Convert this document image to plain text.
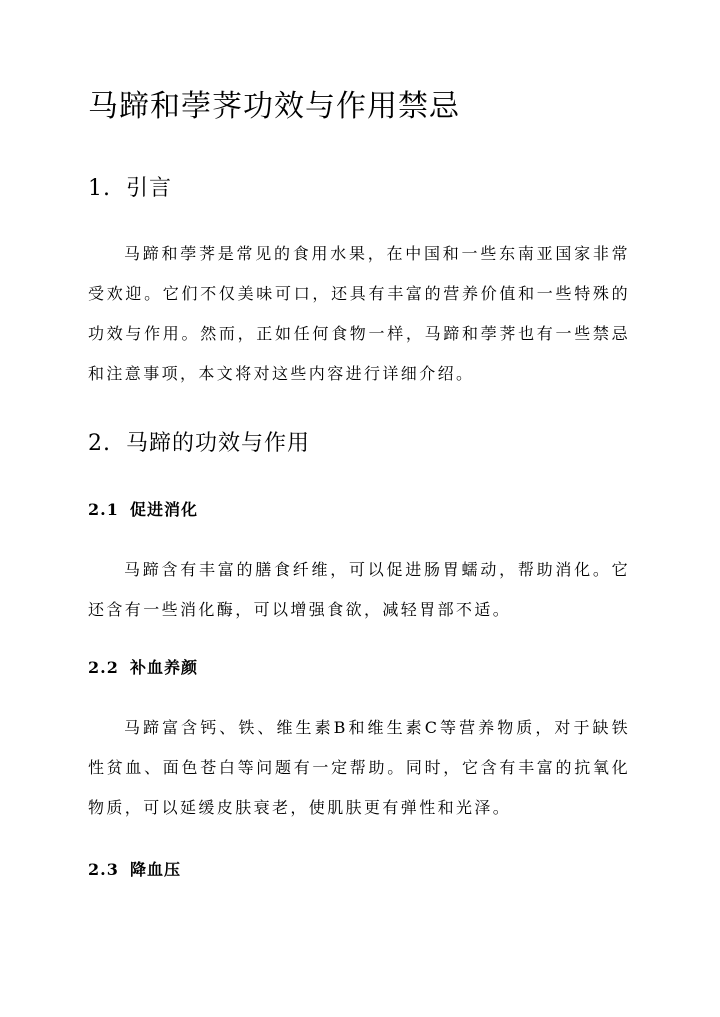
马蹄和荸荠功效与作用禁忌
1. 引言

马蹄和荸荠是常见的食用水果，在中国和一些东南亚国家非常受欢迎。它们不仅美味可口，还具有丰富的营养价值和一些特殊的功效与作用。然而，正如任何食物一样，马蹄和荸荠也有一些禁忌和注意事项，本文将对这些内容进行详细介绍。

2. 马蹄的功效与作用
2.1 促进消化

马蹄含有丰富的膳食纤维，可以促进肠胃蠕动，帮助消化。它还含有一些消化酶，可以增强食欲，减轻胃部不适。

2.2 补血养颜

马蹄富含钙、铁、维生素B和维生素C等营养物质，对于缺铁性贫血、面色苍白等问题有一定帮助。同时，它含有丰富的抗氧化物质，可以延缓皮肤衰老，使肌肤更有弹性和光泽。

2.3 降血压
